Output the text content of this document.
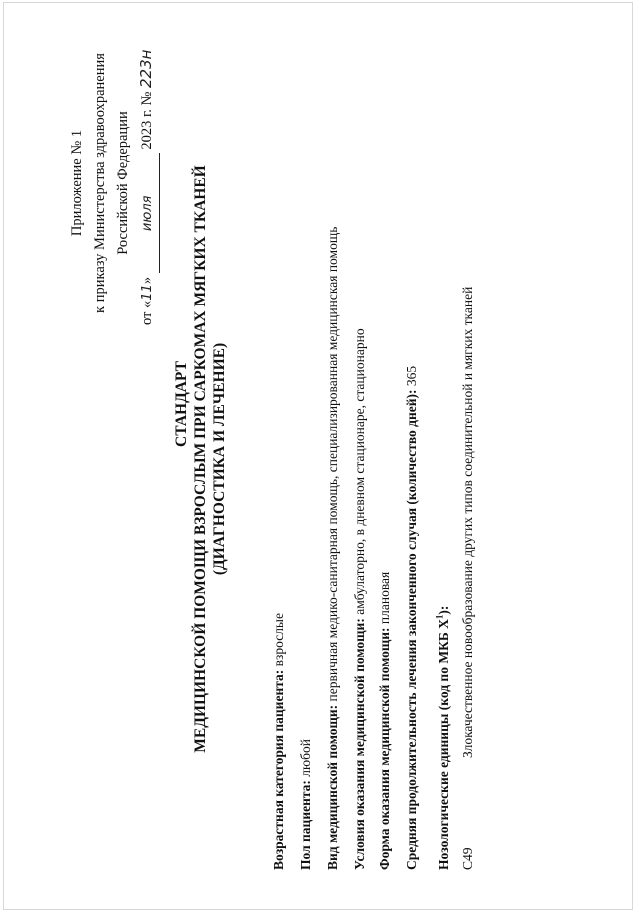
Приложение № 1 к приказу Министерства здравоохранения Российской Федерации
от «11» июля 2023 г. № 223н
СТАНДАРТ МЕДИЦИНСКОЙ ПОМОЩИ ВЗРОСЛЫМ ПРИ САРКОМАХ МЯГКИХ ТКАНЕЙ (ДИАГНОСТИКА И ЛЕЧЕНИЕ)
Возрастная категория пациента: взрослые
Пол пациента: любой Вид медицинской помощи: первичная медико-санитарная помощь, специализированная медицинская помощь
Условия оказания медицинской помощи: амбулаторно, в дневном стационаре, стационарно
Форма оказания медицинской помощи: плановая Средняя продолжительность лечения законченного случая (количество дней): 365
Нозологические единицы (код по МКБ $X^1$):
C49Злокачественное новообразование других типов соединительной и мягких тканей
